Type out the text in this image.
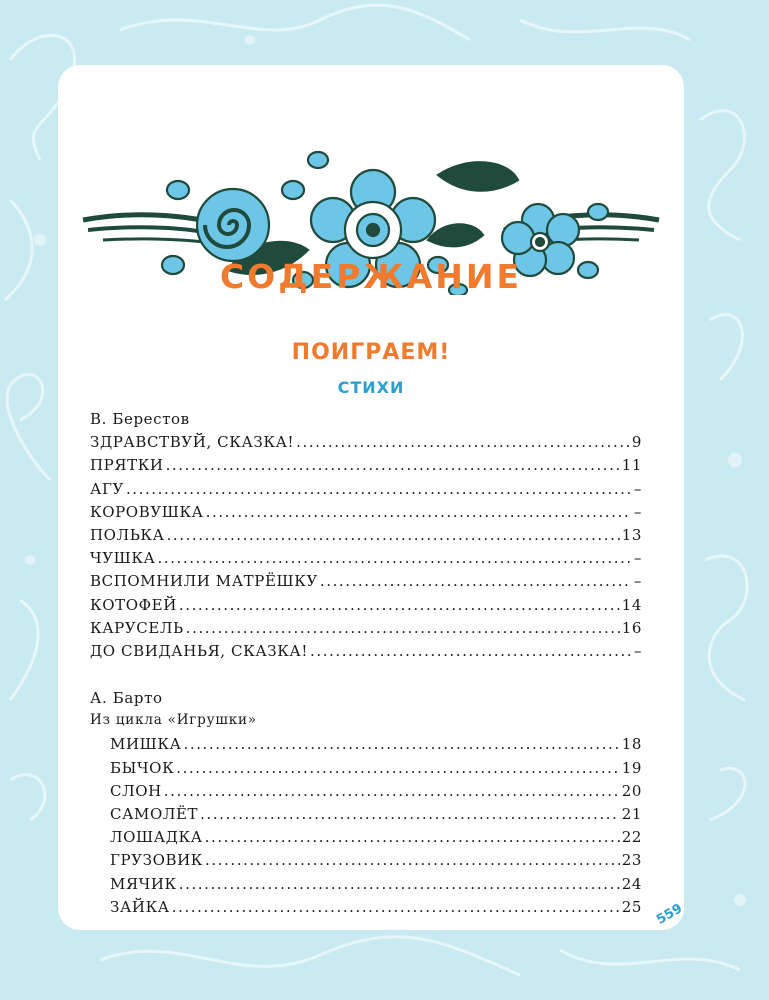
СОДЕРЖАНИЕ
ПОИГРАЕМ!
СТИХИ
В. Берестов
ЗДРАВСТВУЙ, СКАЗКА! . . .	9
ПРЯТКИ . . .	11
АГУ . . .	–
КОРОВУШКА . . .	–
ПОЛЬКА . . .	13
ЧУШКА . . .	–
ВСПОМНИЛИ МАТРЁШКУ . . .	–
КОТОФЕЙ . . .	14
КАРУСЕЛЬ . . .	16
ДО СВИДАНЬЯ, СКАЗКА! . . .	–
А. Барто
Из цикла «Игрушки»
МИШКА . . .	18
БЫЧОК . . .	19
СЛОН . . .	20
САМОЛЁТ . . .	21
ЛОШАДКА . . .	22
ГРУЗОВИК . . .	23
МЯЧИК . . .	24
ЗАЙКА . . .	25 559
